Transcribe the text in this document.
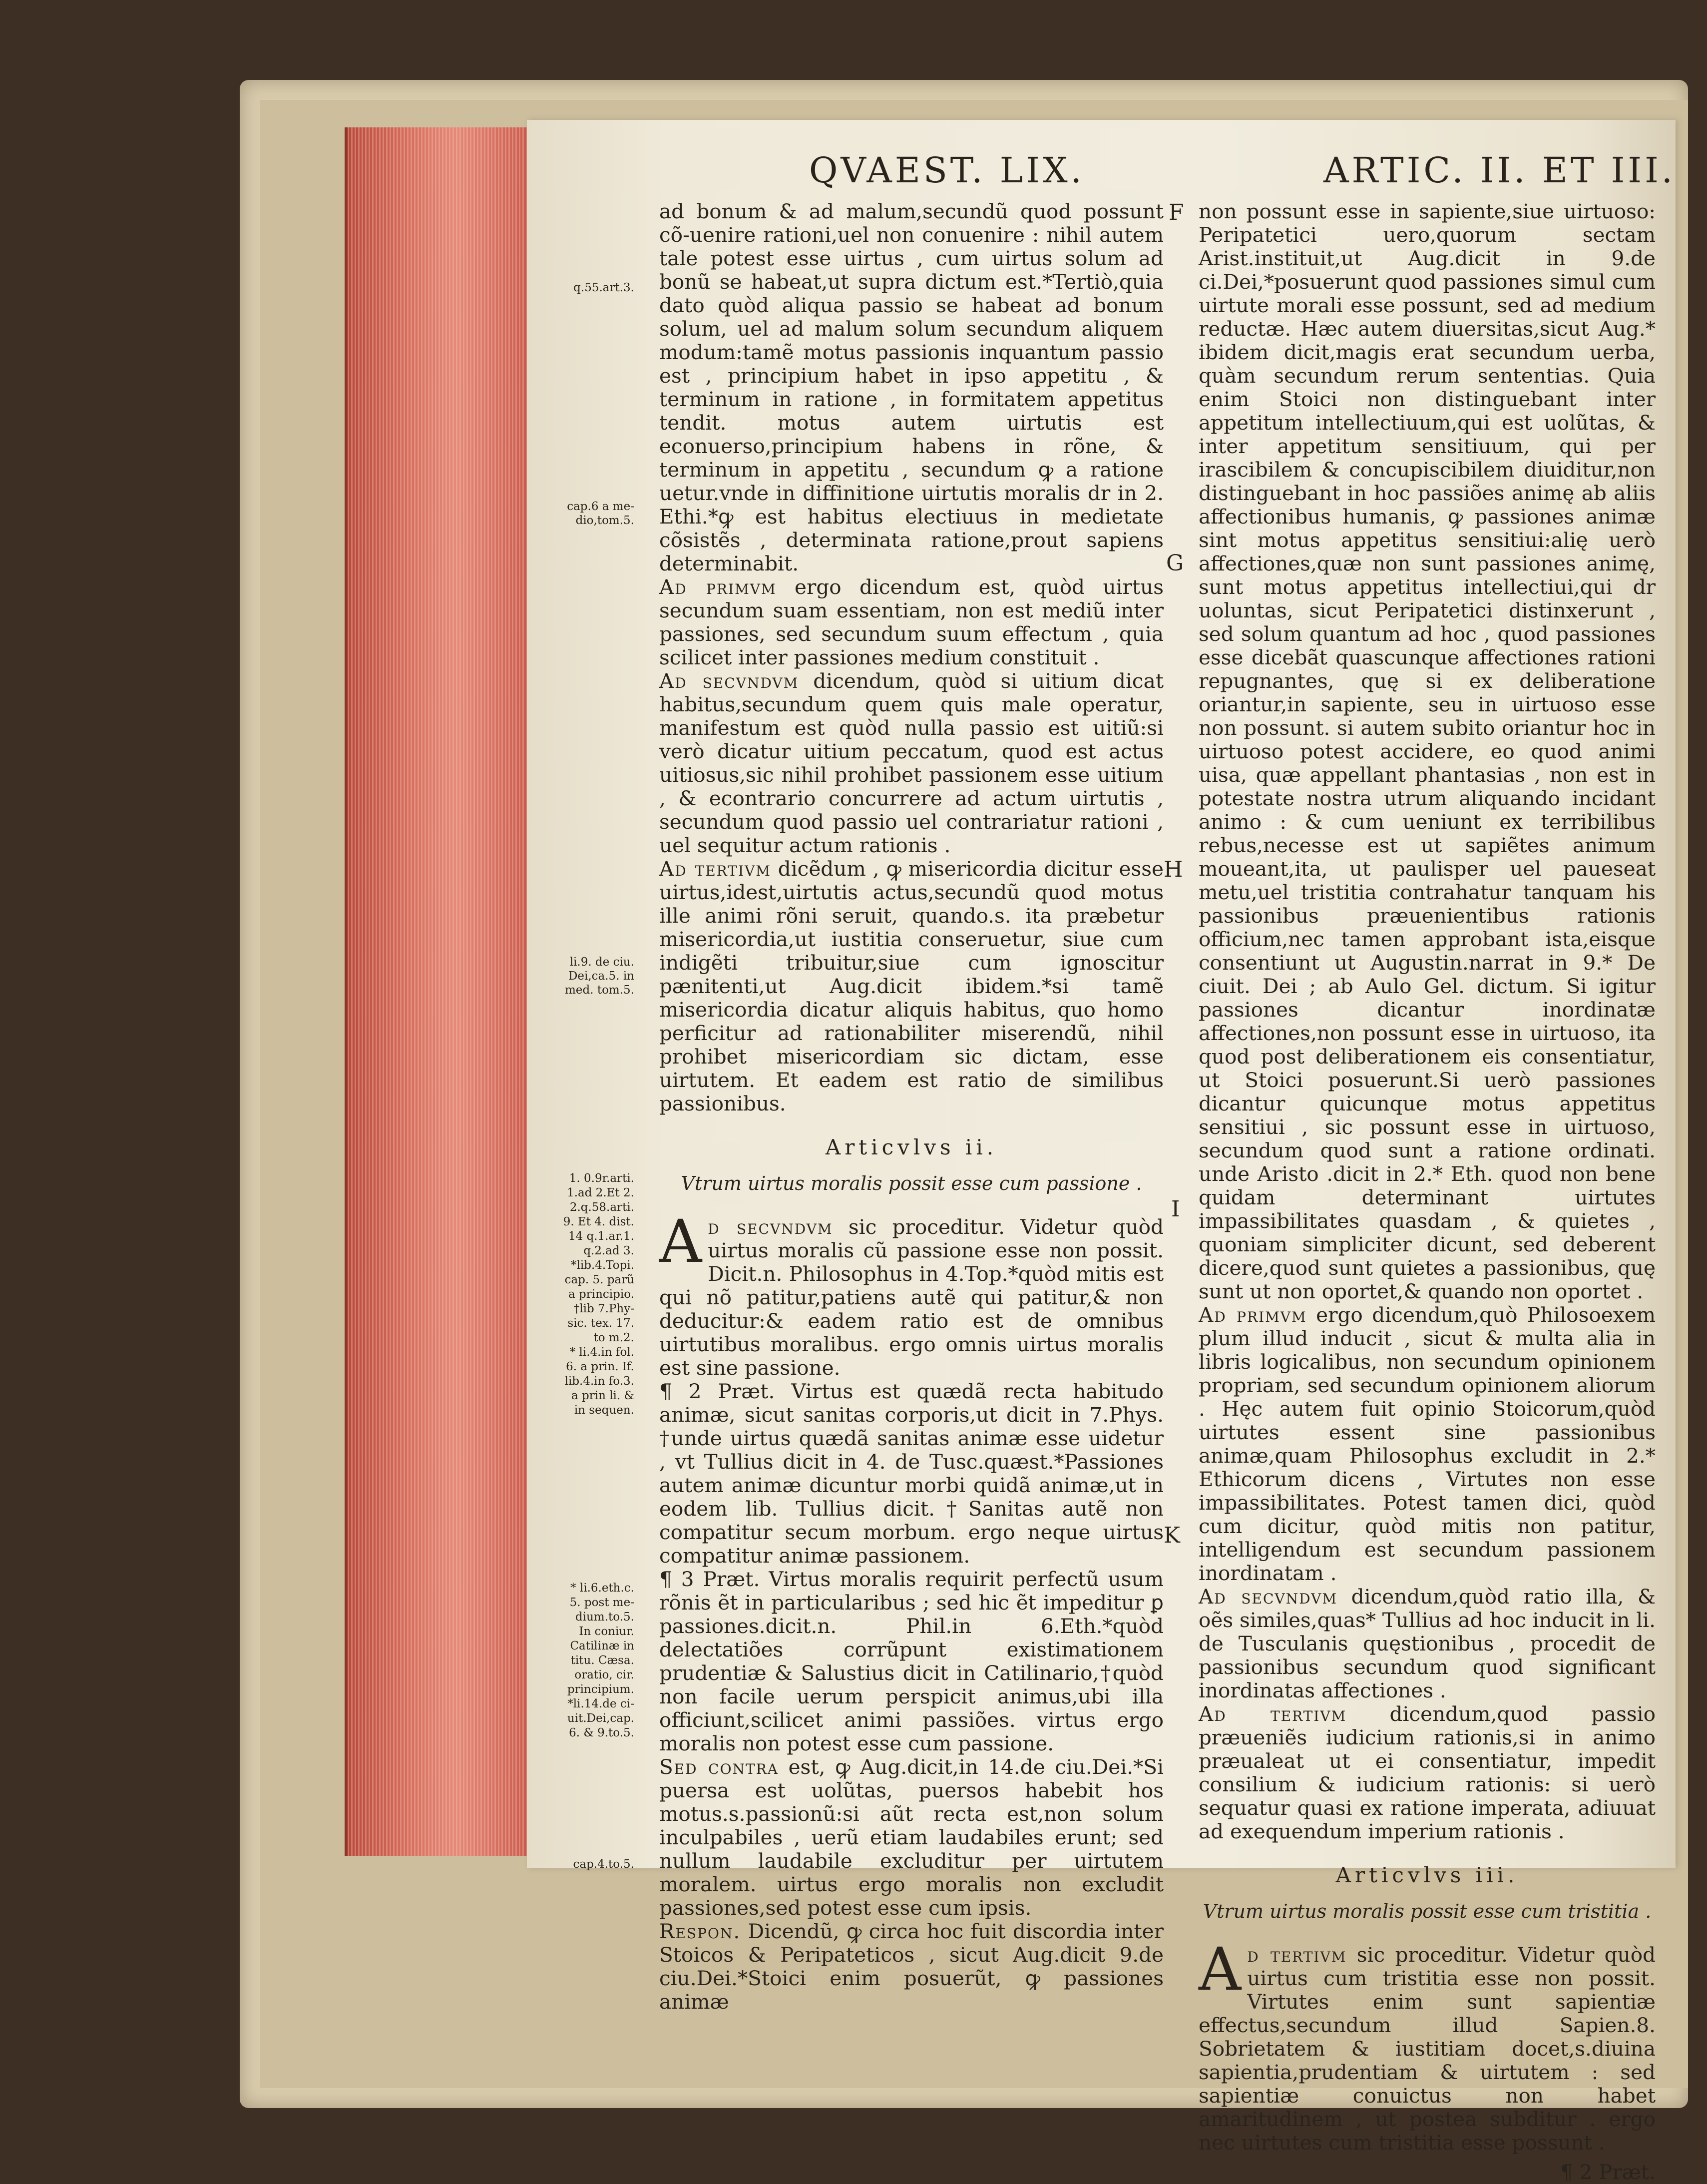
QVAEST. LIX.	ARTIC. II. ET III.
F
G
H
I
K
q.55.art.3.
cap.6 a me-
dio,tom.5.
li.9. de ciu.
Dei,ca.5. in
med. tom.5.
1. 0.9r.arti.
1.ad 2.Et 2.
2.q.58.arti.
9. Et 4. dist.
14 q.1.ar.1.
q.2.ad 3.
*lib.4.Topi.
cap. 5. parũ
a principio.
†lib 7.Phy-
sic. tex. 17.
to m.2.
* li.4.in fol.
6. a prin. If.
lib.4.in fo.3.
a prin li. &
in sequen.
* li.6.eth.c.
5. post me-
dium.to.5.
In coniur.
Catilinæ in
titu. Cæsa.
oratio, cir.
principium.
*li.14.de ci-
uit.Dei,cap.
6. & 9.to.5.
cap.4.to.5.

ad bonum & ad malum,secundũ quod possunt cõ-uenire rationi,uel non conuenire : nihil autem tale potest esse uirtus , cum uirtus solum ad bonũ se habeat,ut supra dictum est.*Tertiò,quia dato quòd aliqua passio se habeat ad bonum solum, uel ad malum solum secundum aliquem modum:tamẽ motus passionis inquantum passio est , principium habet in ipso appetitu , & terminum in ratione , in formitatem appetitus tendit. motus autem uirtutis est econuerso,principium habens in rõne, & terminum in appetitu , secundum ꝙ a ratione uetur.vnde in diffinitione uirtutis moralis dr in 2. Ethi.*ꝙ est habitus electiuus in medietate cõsistẽs , determinata ratione,prout sapiens determinabit.

Ad primvm ergo dicendum est, quòd uirtus secundum suam essentiam, non est mediũ inter passiones, sed secundum suum effectum , quia scilicet inter passiones medium constituit .

Ad secvndvm dicendum, quòd si uitium dicat habitus,secundum quem quis male operatur, manifestum est quòd nulla passio est uitiũ:si verò dicatur uitium peccatum, quod est actus uitiosus,sic nihil prohibet passionem esse uitium , & econtrario concurrere ad actum uirtutis , secundum quod passio uel contrariatur rationi , uel sequitur actum rationis .

Ad tertivm dicẽdum , ꝙ misericordia dicitur esse uirtus,idest,uirtutis actus,secundũ quod motus ille animi rõni seruit, quando.s. ita præbetur misericordia,ut iustitia conseruetur, siue cum indigẽti tribuitur,siue cum ignoscitur pænitenti,ut Aug.dicit ibidem.*si tamẽ misericordia dicatur aliquis habitus, quo homo perficitur ad rationabiliter miserendũ, nihil prohibet misericordiam sic dictam, esse uirtutem. Et eadem est ratio de similibus passionibus.

Articvlvs ii.

Vtrum uirtus moralis possit esse cum passione .

Ad secvndvm sic proceditur. Videtur quòd uirtus moralis cũ passione esse non possit. Dicit.n. Philosophus in 4.Top.*quòd mitis est qui nõ patitur,patiens autẽ qui patitur,& non deducitur:& eadem ratio est de omnibus uirtutibus moralibus. ergo omnis uirtus moralis est sine passione.

¶ 2 Præt. Virtus est quædã recta habitudo animæ, sicut sanitas corporis,ut dicit in 7.Phys. †unde uirtus quædã sanitas animæ esse uidetur , vt Tullius dicit in 4. de Tusc.quæst.*Passiones autem animæ dicuntur morbi quidã animæ,ut in eodem lib. Tullius dicit.†Sanitas autẽ non compatitur secum morbum. ergo neque uirtus compatitur animæ passionem.

¶ 3 Præt. Virtus moralis requirit perfectũ usum rõnis ẽt in particularibus ; sed hic ẽt impeditur ꝑ passiones.dicit.n. Phil.in 6.Eth.*quòd delectatiões corrũpunt existimationem prudentiæ & Salustius dicit in Catilinario,†quòd non facile uerum perspicit animus,ubi illa officiunt,scilicet animi passiões. virtus ergo moralis non potest esse cum passione.

Sed contra est, ꝙ Aug.dicit,in 14.de ciu.Dei.*Si puersa est uolũtas, puersos habebit hos motus.s.passionũ:si aũt recta est,non solum inculpabiles , uerũ etiam laudabiles erunt; sed nullum laudabile excluditur per uirtutem moralem. uirtus ergo moralis non excludit passiones,sed potest esse cum ipsis.

Respon. Dicendũ, ꝙ circa hoc fuit discordia inter Stoicos & Peripateticos , sicut Aug.dicit 9.de ciu.Dei.*Stoici enim posuerũt, ꝙ passiones animæ

non possunt esse in sapiente,siue uirtuoso: Peripatetici uero,quorum sectam Arist.instituit,ut Aug.dicit in 9.de ci.Dei,*posuerunt quod passiones simul cum uirtute morali esse possunt, sed ad medium reductæ. Hæc autem diuersitas,sicut Aug.* ibidem dicit,magis erat secundum uerba, quàm secundum rerum sententias. Quia enim Stoici non distinguebant inter appetitum intellectiuum,qui est uolũtas, & inter appetitum sensitiuum, qui per irascibilem & concupiscibilem diuiditur,non distinguebant in hoc passiões animę ab aliis affectionibus humanis, ꝙ passiones animæ sint motus appetitus sensitiui:alię uerò affectiones,quæ non sunt passiones animę, sunt motus appetitus intellectiui,qui dr uoluntas, sicut Peripatetici distinxerunt , sed solum quantum ad hoc , quod passiones esse dicebãt quascunque affectiones rationi repugnantes, quę si ex deliberatione oriantur,in sapiente, seu in uirtuoso esse non possunt. si autem subito oriantur hoc in uirtuoso potest accidere, eo quod animi uisa, quæ appellant phantasias , non est in potestate nostra utrum aliquando incidant animo : & cum ueniunt ex terribilibus rebus,necesse est ut sapiẽtes animum moueant,ita, ut paulisper uel paueseat metu,uel tristitia contrahatur tanquam his passionibus præuenientibus rationis officium,nec tamen approbant ista,eisque consentiunt ut Augustin.narrat in 9.* De ciuit. Dei ; ab Aulo Gel. dictum. Si igitur passiones dicantur inordinatæ affectiones,non possunt esse in uirtuoso, ita quod post deliberationem eis consentiatur, ut Stoici posuerunt.Si uerò passiones dicantur quicunque motus appetitus sensitiui , sic possunt esse in uirtuoso, secundum quod sunt a ratione ordinati. unde Aristo .dicit in 2.* Eth. quod non bene quidam determinant uirtutes impassibilitates quasdam , & quietes , quoniam simpliciter dicunt, sed deberent dicere,quod sunt quietes a passionibus, quę sunt ut non oportet,& quando non oportet .

Ad primvm ergo dicendum,quò Philosoexem plum illud inducit , sicut & multa alia in libris logicalibus, non secundum opinionem propriam, sed secundum opinionem aliorum . Hęc autem fuit opinio Stoicorum,quòd uirtutes essent sine passionibus animæ,quam Philosophus excludit in 2.* Ethicorum dicens , Virtutes non esse impassibilitates. Potest tamen dici, quòd cum dicitur, quòd mitis non patitur, intelligendum est secundum passionem inordinatam .

Ad secvndvm dicendum,quòd ratio illa, & oẽs similes,quas* Tullius ad hoc inducit in li. de Tusculanis quęstionibus , procedit de passionibus secundum quod significant inordinatas affectiones .

Ad tertivm dicendum,quod passio præueniẽs iudicium rationis,si in animo præualeat ut ei consentiatur, impedit consilium & iudicium rationis: si uerò sequatur quasi ex ratione imperata, adiuuat ad exequendum imperium rationis .

Articvlvs iii.

Vtrum uirtus moralis possit esse cum tristitia .

Ad tertivm sic proceditur. Videtur quòd uirtus cum tristitia esse non possit. Virtutes enim sunt sapientiæ effectus,secundum illud Sapien.8. Sobrietatem & iustitiam docet,s.diuina sapientia,prudentiam & uirtutem : sed sapientiæ conuictus non habet amaritudinem , ut postea subditur . ergo nec uirtutes cum tristitia esse possunt .

¶ 2 Præt.
